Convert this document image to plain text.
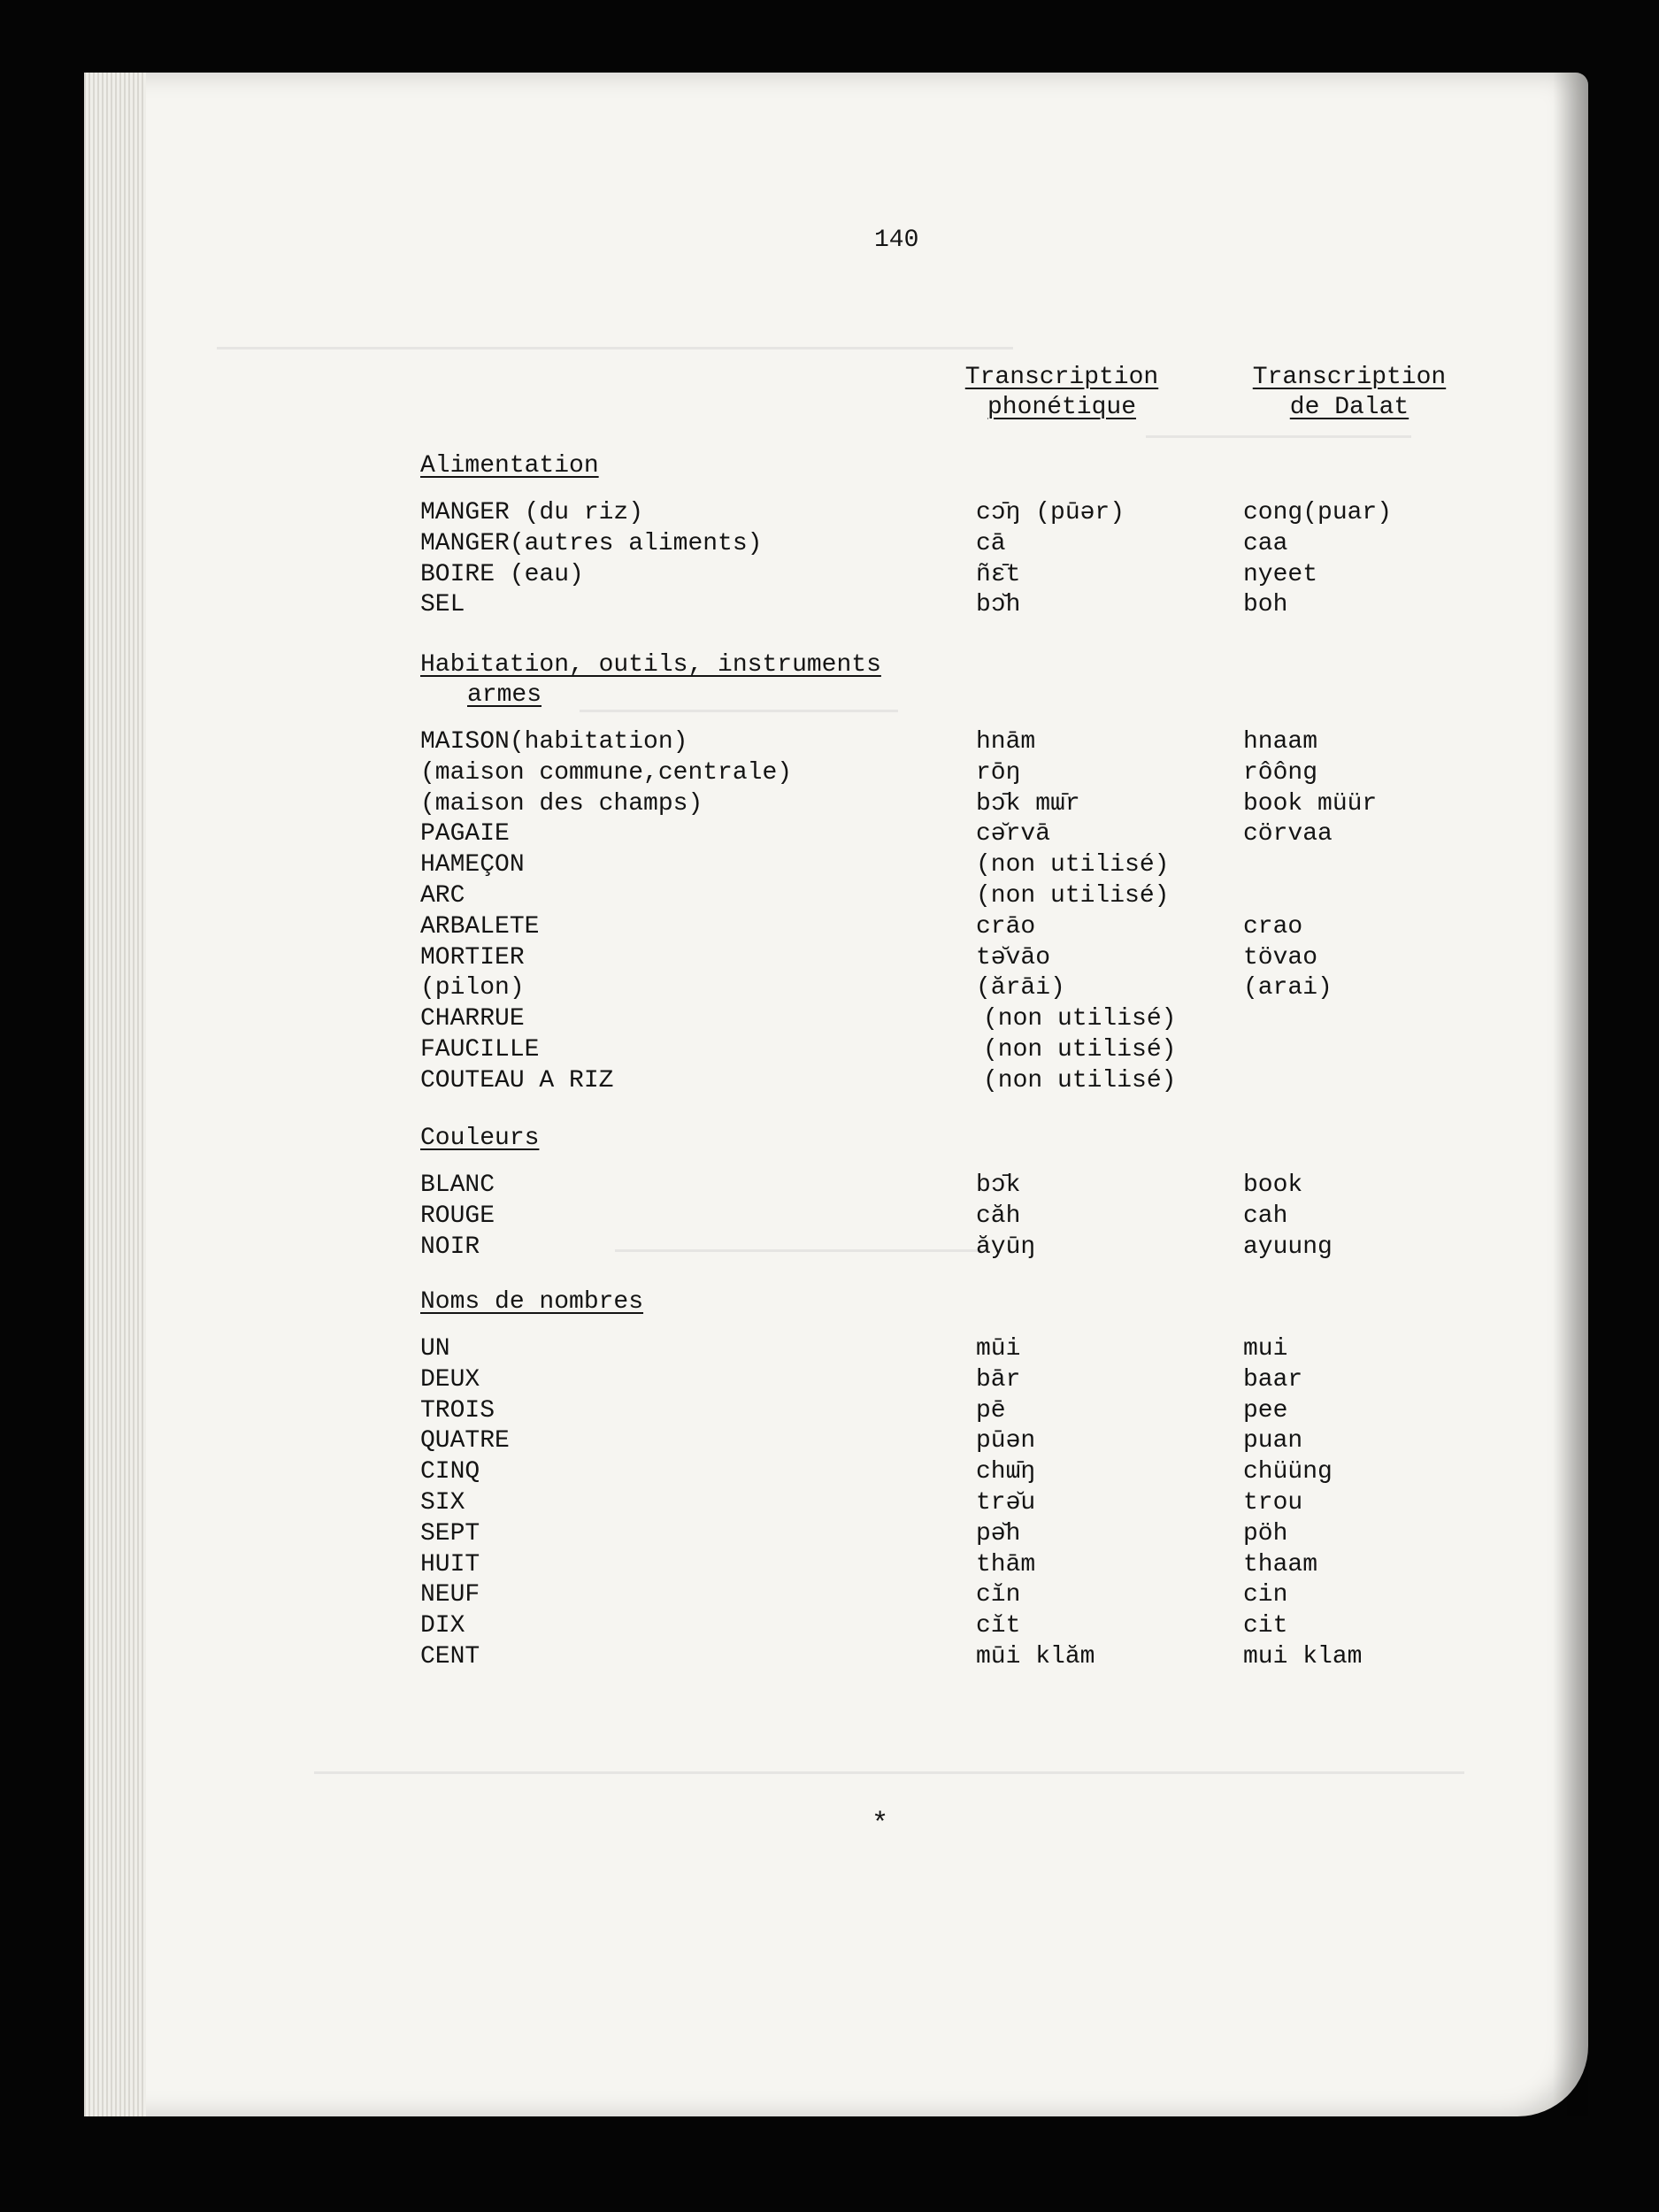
140
Transcription
phonétique
Transcription
de Dalat
Alimentation
MANGER (du riz)	cɔ̄ŋ (pūər)	cong(puar)
MANGER(autres aliments)	cā	caa
BOIRE (eau)	ñɛ̄t	nyeet
SEL	bɔ̆h	boh
Habitation, outils, instruments
armes
MAISON(habitation)	hnām	hnaam
(maison commune,centrale)	rōŋ	rôông
(maison des champs)	bɔ̄k mɯ̄r	book müür
PAGAIE	cə̆rvā	cörvaa
HAMEÇON	(non utilisé)
ARC	(non utilisé)
ARBALETE	crāo	crao
MORTIER	tə̆vāo	tövao
(pilon)	(ărāi)	(arai)
CHARRUE	(non utilisé)
FAUCILLE	(non utilisé)
COUTEAU A RIZ	(non utilisé)
Couleurs
BLANC	bɔ̄k	book
ROUGE	căh	cah
NOIR	ăyūŋ	ayuung
Noms de nombres
UN	mūi	mui
DEUX	bār	baar
TROIS	pē	pee
QUATRE	pūən	puan
CINQ	chɯ̄ŋ	chüüng
SIX	trə̆u	trou
SEPT	pə̆h	pöh
HUIT	thām	thaam
NEUF	cĭn	cin
DIX	cĭt	cit
CENT	mūi klăm	mui klam
*
